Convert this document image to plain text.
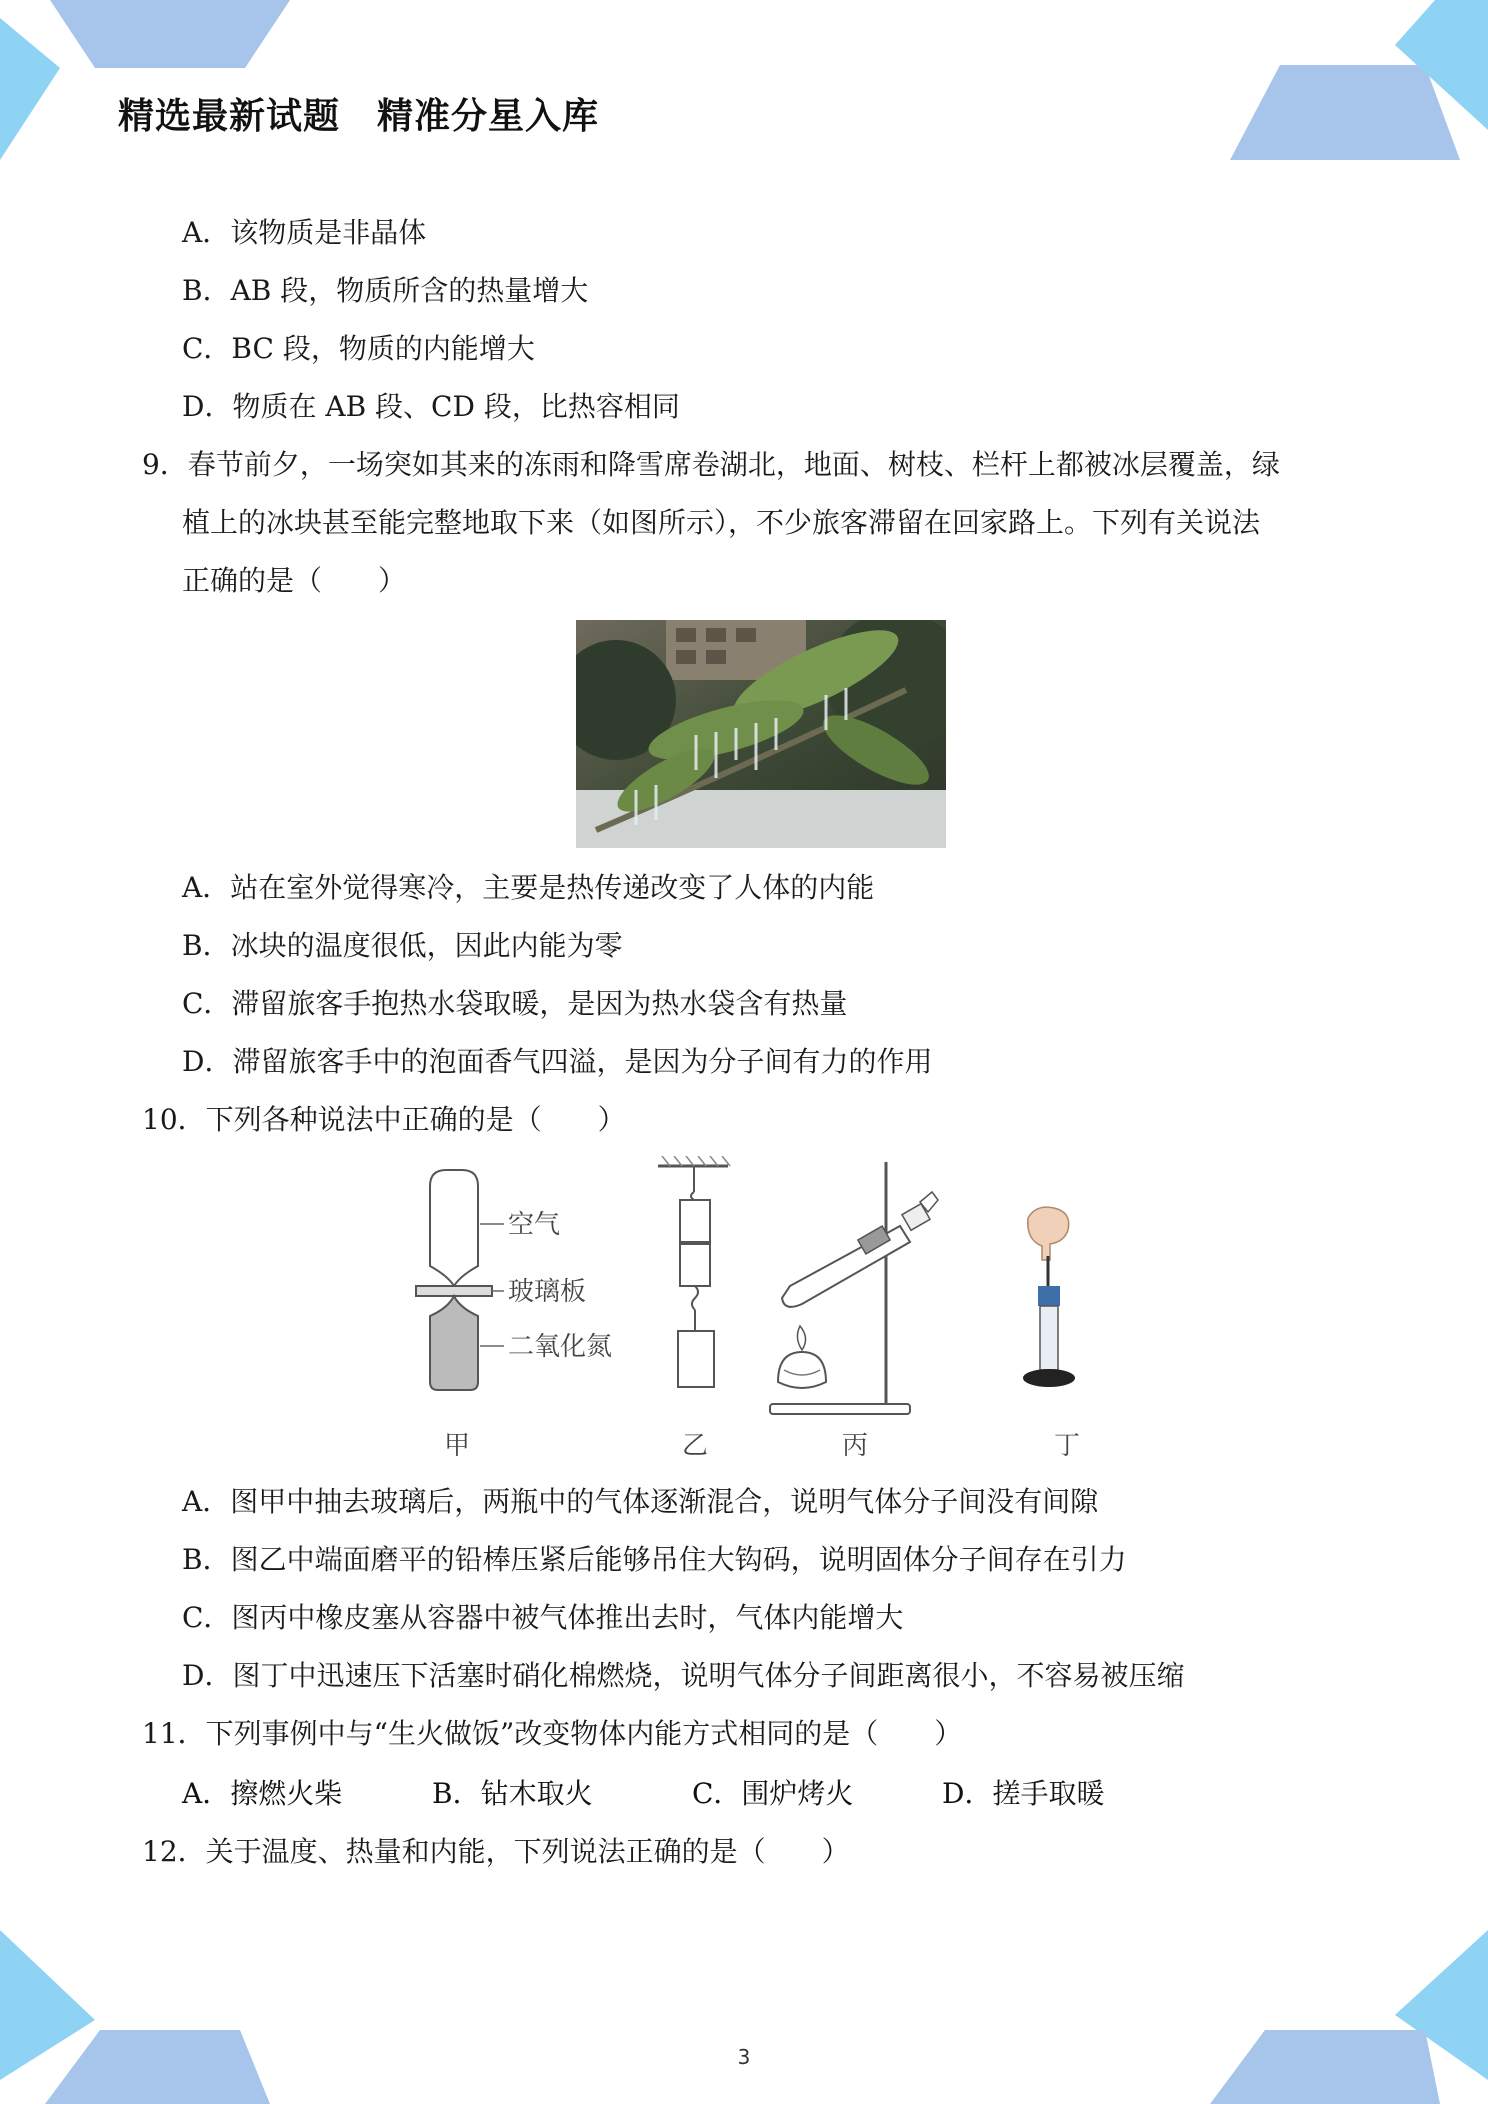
精选最新试题　精准分星入库
A．该物质是非晶体
B．AB 段，物质所含的热量增大
C．BC 段，物质的内能增大
D．物质在 AB 段、CD 段，比热容相同
9．春节前夕，一场突如其来的冻雨和降雪席卷湖北，地面、树枝、栏杆上都被冰层覆盖，绿
植上的冰块甚至能完整地取下来（如图所示），不少旅客滞留在回家路上。下列有关说法
正确的是（　　）
A．站在室外觉得寒冷，主要是热传递改变了人体的内能
B．冰块的温度很低，因此内能为零
C．滞留旅客手抱热水袋取暖，是因为热水袋含有热量
D．滞留旅客手中的泡面香气四溢，是因为分子间有力的作用
10．下列各种说法中正确的是（　　）
空气
玻璃板
二氧化氮
甲	乙	丙	丁
A．图甲中抽去玻璃后，两瓶中的气体逐渐混合，说明气体分子间没有间隙
B．图乙中端面磨平的铅棒压紧后能够吊住大钩码，说明固体分子间存在引力
C．图丙中橡皮塞从容器中被气体推出去时，气体内能增大
D．图丁中迅速压下活塞时硝化棉燃烧，说明气体分子间距离很小，不容易被压缩
11．下列事例中与“生火做饭”改变物体内能方式相同的是（　　）
A．擦燃火柴	B．钻木取火	C．围炉烤火	D．搓手取暖
12．关于温度、热量和内能，下列说法正确的是（　　）
3
